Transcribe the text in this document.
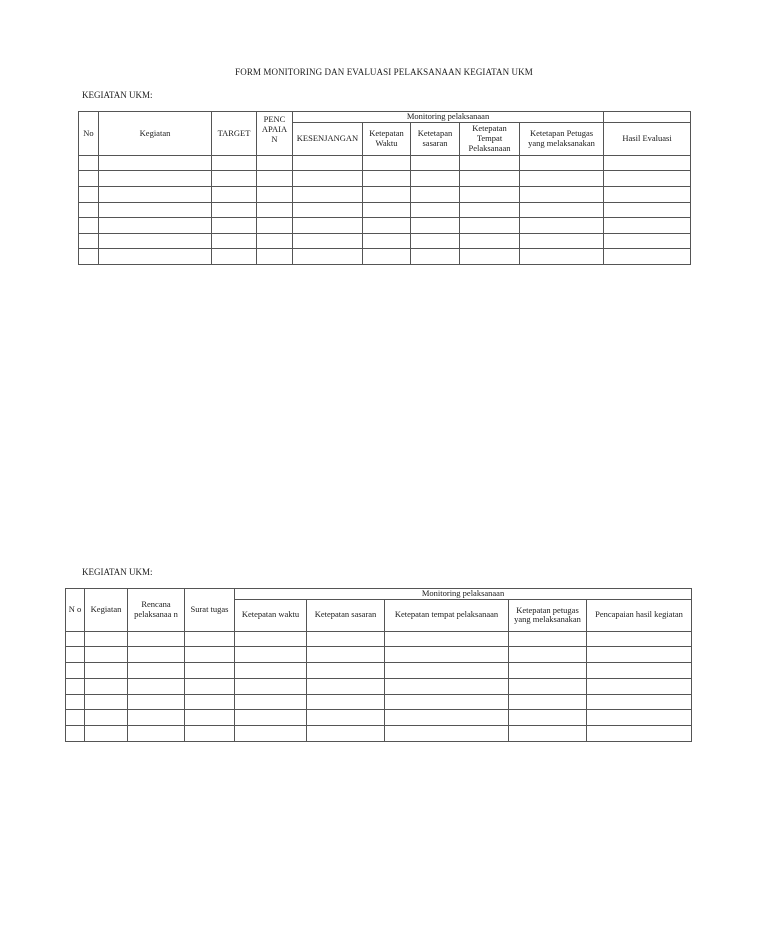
FORM MONITORING DAN EVALUASI PELAKSANAAN KEGIATAN UKM
KEGIATAN UKM:
No	Kegiatan	TARGET	PENC APAIA N	Monitoring pelaksanaan					
				KESENJANGAN	Ketepatan Waktu	Ketetapan sasaran	Ketepatan Tempat Pelaksanaan	Ketetapan Petugas yang melaksanakan	Hasil Evaluasi

KEGIATAN UKM:
N o	Kegiatan	Rencana pelaksanaa n	Surat tugas	Monitoring pelaksanaan				
				Ketepatan waktu	Ketepatan sasaran	Ketepatan tempat pelaksanaan	Ketepatan petugas yang melaksanakan	Pencapaian hasil kegiatan
